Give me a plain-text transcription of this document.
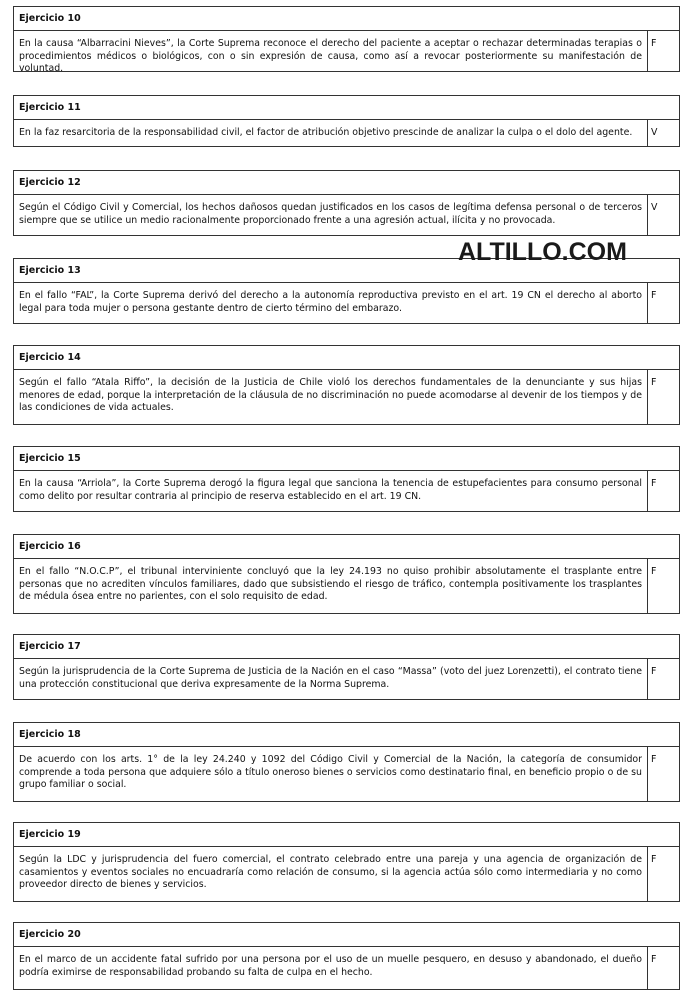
Ejercicio 10
En la causa “Albarracini Nieves”, la Corte Suprema reconoce el derecho del paciente a aceptar o rechazar determinadas terapias o procedimientos médicos o biológicos, con o sin expresión de causa, como así a revocar posteriormente su manifestación de voluntad.
F
Ejercicio 11
En la faz resarcitoria de la responsabilidad civil, el factor de atribución objetivo prescinde de analizar la culpa o el dolo del agente.	V
Ejercicio 12
Según el Código Civil y Comercial, los hechos dañosos quedan justificados en los casos de legítima defensa personal o de terceros siempre que se utilice un medio racionalmente proporcionado frente a una agresión actual, ilícita y no provocada.
V
Ejercicio 13
En el fallo “FAL”, la Corte Suprema derivó del derecho a la autonomía reproductiva previsto en el art. 19 CN el derecho al aborto legal para toda mujer o persona gestante dentro de cierto término del embarazo.
F
Ejercicio 14
Según el fallo “Atala Riffo”, la decisión de la Justicia de Chile violó los derechos fundamentales de la denunciante y sus hijas menores de edad, porque la interpretación de la cláusula de no discriminación no puede acomodarse al devenir de los tiempos y de las condiciones de vida actuales.
F
Ejercicio 15
En la causa “Arriola”, la Corte Suprema derogó la figura legal que sanciona la tenencia de estupefacientes para consumo personal como delito por resultar contraria al principio de reserva establecido en el art. 19 CN.
F
Ejercicio 16
En el fallo “N.O.C.P”, el tribunal interviniente concluyó que la ley 24.193 no quiso prohibir absolutamente el trasplante entre personas que no acrediten vínculos familiares, dado que subsistiendo el riesgo de tráfico, contempla positivamente los trasplantes de médula ósea entre no parientes, con el solo requisito de edad.
F
Ejercicio 17
Según la jurisprudencia de la Corte Suprema de Justicia de la Nación en el caso “Massa” (voto del juez Lorenzetti), el contrato tiene una protección constitucional que deriva expresamente de la Norma Suprema.
F
Ejercicio 18
De acuerdo con los arts. 1° de la ley 24.240 y 1092 del Código Civil y Comercial de la Nación, la categoría de consumidor comprende a toda persona que adquiere sólo a título oneroso bienes o servicios como destinatario final, en beneficio propio o de su grupo familiar o social.
F
Ejercicio 19
Según la LDC y jurisprudencia del fuero comercial, el contrato celebrado entre una pareja y una agencia de organización de casamientos y eventos sociales no encuadraría como relación de consumo, si la agencia actúa sólo como intermediaria y no como proveedor directo de bienes y servicios.
F
Ejercicio 20
En el marco de un accidente fatal sufrido por una persona por el uso de un muelle pesquero, en desuso y abandonado, el dueño podría eximirse de responsabilidad probando su falta de culpa en el hecho.
F
ALTILLO.COM
